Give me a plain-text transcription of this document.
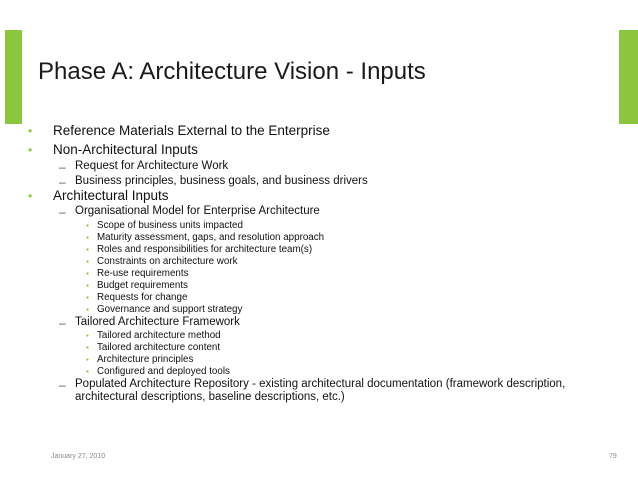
Phase A: Architecture Vision - Inputs
• Reference Materials External to the Enterprise
• Non-Architectural Inputs
– Request for Architecture Work
– Business principles, business goals, and business drivers
• Architectural Inputs
– Organisational Model for Enterprise Architecture
▪ Scope of business units impacted
▪ Maturity assessment, gaps, and resolution approach
▪ Roles and responsibilities for architecture team(s)
▪ Constraints on architecture work
▪ Re-use requirements
▪ Budget requirements
▪ Requests for change
▪ Governance and support strategy
– Tailored Architecture Framework
▪ Tailored architecture method
▪ Tailored architecture content
▪ Architecture principles
▪ Configured and deployed tools
– Populated Architecture Repository - existing architectural documentation (framework description,
architectural descriptions, baseline descriptions, etc.)
January 27, 2010	79
